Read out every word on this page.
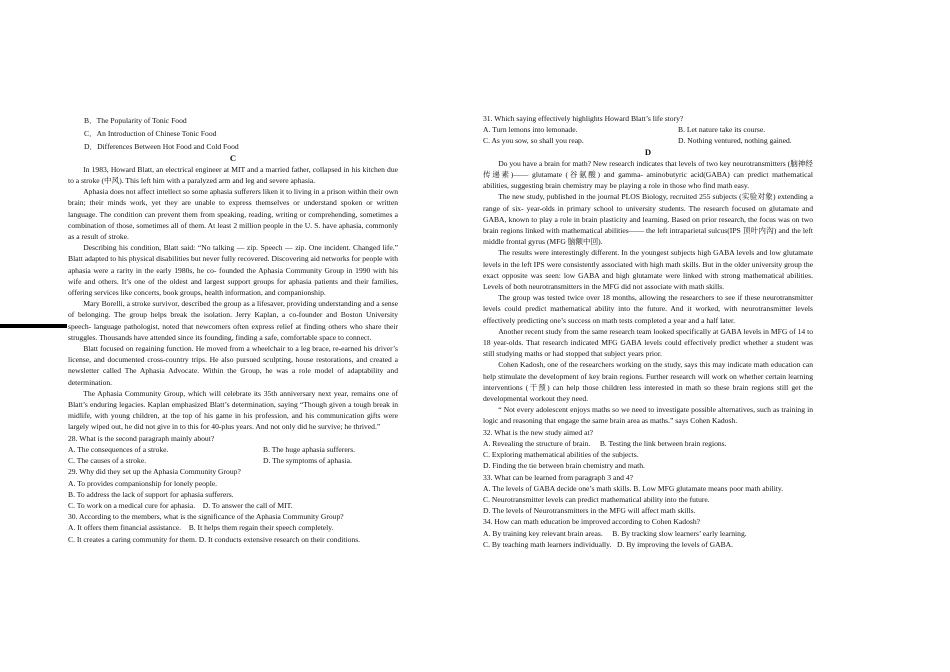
B．The Popularity of Tonic Food

C．An Introduction of Chinese Tonic Food

D．Differences Between Hot Food and Cold Food

C

In 1983, Howard Blatt, an electrical engineer at MIT and a married father, collapsed in his kitchen due to a stroke (中风). This left him with a paralyzed arm and leg and severe aphasia.

Aphasia does not affect intellect so some aphasia sufferers liken it to living in a prison within their own brain; their minds work, yet they are unable to express themselves or understand spoken or written language. The condition can prevent them from speaking, reading, writing or comprehending, sometimes a combination of those, sometimes all of them. At least 2 million people in the U. S. have aphasia, commonly as a result of stroke.

Describing his condition, Blatt said: “No talking — zip. Speech — zip. One incident. Changed life.” Blatt adapted to his physical disabilities but never fully recovered. Discovering aid networks for people with aphasia were a rarity in the early 1980s, he co- founded the Aphasia Community Group in 1990 with his wife and others. It’s one of the oldest and largest support groups for aphasia patients and their families, offering services like concerts, book groups, health information, and companionship.

Mary Borelli, a stroke survivor, described the group as a lifesaver, providing understanding and a sense of belonging. The group helps break the isolation. Jerry Kaplan, a co-founder and Boston University speech- language pathologist, noted that newcomers often express relief at finding others who share their struggles. Thousands have attended since its founding, finding a safe, comfortable space to connect.

Blatt focused on regaining function. He moved from a wheelchair to a leg brace, re-earned his driver’s license, and documented cross-country trips. He also pursued sculpting, house restorations, and created a newsletter called The Aphasia Advocate. Within the Group, he was a role model of adaptability and determination.

The Aphasia Community Group, which will celebrate its 35th anniversary next year, remains one of Blatt’s enduring legacies. Kaplan emphasized Blatt’s determination, saying “Though given a tough break in midlife, with young children, at the top of his game in his profession, and his communication gifts were largely wiped out, he did not give in to this for 40-plus years. And not only did he survive; he thrived.”

28. What is the second paragraph mainly about?

A. The consequences of a stroke.	B. The huge aphasia sufferers.
C. The causes of a stroke.	D. The symptoms of aphasia.

29. Why did they set up the Aphasia Community Group?

A. To provides companionship for lonely people.

B. To address the lack of support for aphasia sufferers.

C. To work on a medical cure for aphasia.    D. To answer the call of MIT.

30. According to the members, what is the significance of the Aphasia Community Group?

A. It offers them financial assistance.    B. It helps them regain their speech completely.

C. It creates a caring community for them. D. It conducts extensive research on their conditions.

31. Which saying effectively highlights Howard Blatt’s life story?

A. Turn lemons into lemonade.	B. Let nature take its course.
C. As you sow, so shall you reap.	D. Nothing ventured, nothing gained.

D

Do you have a brain for math? New research indicates that levels of two key neurotransmitters (脑神经传递素)—— glutamate (谷氨酸) and gamma- aminobutyric acid(GABA) can predict mathematical abilities, suggesting brain chemistry may be playing a role in those who find math easy.

The new study, published in the journal PLOS Biology, recruited 255 subjects (实验对象) extending a range of six- year-olds in primary school to university students. The research focused on glutamate and GABA, known to play a role in brain plasticity and learning. Based on prior research, the focus was on two brain regions linked with mathematical abilities—— the left intraparietal sulcus(IPS 顶叶内沟) and the left middle frontal gyrus (MFG 脑额中回).

The results were interestingly different. In the youngest subjects high GABA levels and low glutamate levels in the left IPS were consistently associated with high math skills. But in the older university group the exact opposite was seen: low GABA and high glutamate were linked with strong mathematical abilities. Levels of both neurotransmitters in the MFG did not associate with math skills.

The group was tested twice over 18 months, allowing the researchers to see if these neurotransmitter levels could predict mathematical ability into the future. And it worked, with neurotransmitter levels effectively predicting one’s success on math tests completed a year and a half later.

Another recent study from the same research team looked specifically at GABA levels in MFG of 14 to 18 year-olds. That research indicated MFG GABA levels could effectively predict whether a student was still studying maths or had stopped that subject years prior.

Cohen Kadosh, one of the researchers working on the study, says this may indicate math education can help stimulate the development of key brain regions. Further research will work on whether certain learning interventions (干预) can help those children less interested in math so these brain regions still get the developmental workout they need.

“ Not every adolescent enjoys maths so we need to investigate possible alternatives, such as training in logic and reasoning that engage the same brain area as maths.” says Cohen Kadosh.

32. What is the new study aimed at?

A. Revealing the structure of brain.     B. Testing the link between brain regions.

C. Exploring mathematical abilities of the subjects.

D. Finding the tie between brain chemistry and math.

33. What can be learned from paragraph 3 and 4?

A. The levels of GABA decide one’s math skills. B. Low MFG glutamate means poor math ability.

C. Neurotransmitter levels can predict mathematical ability into the future.

D. The levels of Neurotransmitters in the MFG will affect math skills.

34. How can math education be improved according to Cohen Kadosh?

A. By training key relevant brain areas.     B. By tracking slow learners’ early learning.

C. By teaching math learners individually.   D. By improving the levels of GABA.
